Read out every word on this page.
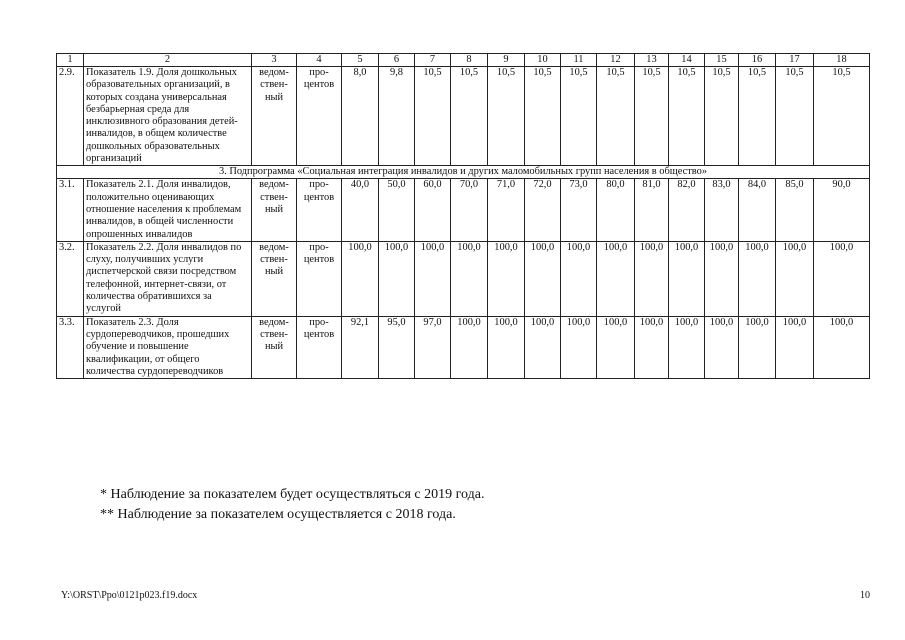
1	2	3	4	5	6	7	8	9	10	11	12	13	14	15	16	17	18
2.9.	Показатель 1.9. Доля дошкольных образовательных организаций, в которых создана универсальная безбарьерная среда для инклюзивного образования детей-инвалидов, в общем количестве дошкольных образовательных организаций	ведом-ствен-ный	про-центов	8,0	9,8	10,5	10,5	10,5	10,5	10,5	10,5	10,5	10,5	10,5	10,5	10,5	10,5
3. Подпрограмма «Социальная интеграция инвалидов и других маломобильных групп населения в общество»																	
3.1.	Показатель 2.1. Доля инвалидов, положительно оценивающих отношение населения к проблемам инвалидов, в общей численности опрошенных инвалидов	ведом-ствен-ный	про-центов	40,0	50,0	60,0	70,0	71,0	72,0	73,0	80,0	81,0	82,0	83,0	84,0	85,0	90,0
3.2.	Показатель 2.2. Доля инвалидов по слуху, получивших услуги диспетчерской связи посредством телефонной, интернет-связи, от количества обратившихся за услугой	ведом-ствен-ный	про-центов	100,0	100,0	100,0	100,0	100,0	100,0	100,0	100,0	100,0	100,0	100,0	100,0	100,0	100,0
3.3.	Показатель 2.3. Доля сурдопереводчиков, прошедших обучение и повышение квалификации, от общего количества сурдопереводчиков	ведом-ствен-ный	про-центов	92,1	95,0	97,0	100,0	100,0	100,0	100,0	100,0	100,0	100,0	100,0	100,0	100,0	100,0
* Наблюдение за показателем будет осуществляться с 2019 года.
** Наблюдение за показателем осуществляется с 2018 года.
Y:\ORST\Ppo\0121p023.f19.docx	10
